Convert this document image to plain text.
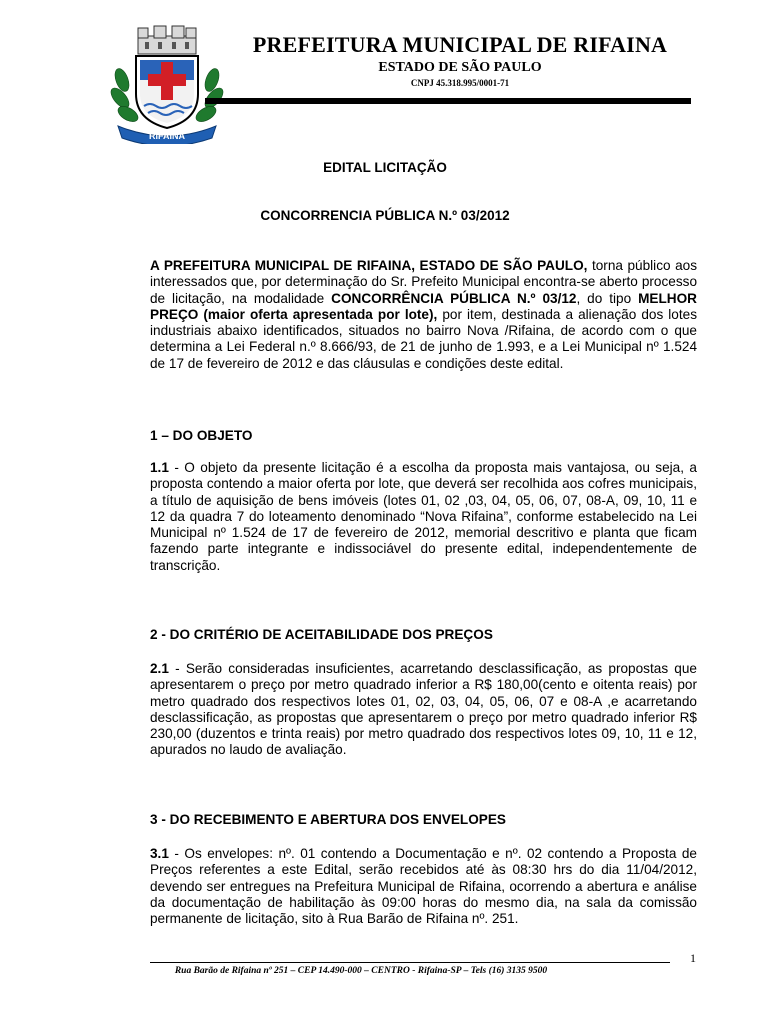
RIFAINA
PREFEITURA MUNICIPAL DE RIFAINA
ESTADO DE SÃO PAULO
CNPJ 45.318.995/0001-71
EDITAL LICITAÇÃO
CONCORRENCIA PÚBLICA N.º 03/2012
A PREFEITURA MUNICIPAL DE RIFAINA, ESTADO DE SÃO PAULO, torna público aos interessados que, por determinação do Sr. Prefeito Municipal encontra-se aberto processo de licitação, na modalidade CONCORRÊNCIA PÚBLICA N.º 03/12, do tipo MELHOR PREÇO (maior oferta apresentada por lote), por item, destinada a alienação dos lotes industriais abaixo identificados, situados no bairro Nova /Rifaina, de acordo com o que determina a Lei Federal n.º 8.666/93, de 21 de junho de 1.993, e a Lei Municipal nº 1.524 de 17 de fevereiro de 2012 e das cláusulas e condições deste edital.
1 – DO OBJETO
1.1 - O objeto da presente licitação é a escolha da proposta mais vantajosa, ou seja, a proposta contendo a maior oferta por lote, que deverá ser recolhida aos cofres municipais, a título de aquisição de bens imóveis (lotes 01, 02 ,03, 04, 05, 06, 07, 08-A, 09, 10, 11 e 12 da quadra 7 do loteamento denominado “Nova Rifaina”, conforme estabelecido na Lei Municipal nº 1.524 de 17 de fevereiro de 2012, memorial descritivo e planta que ficam fazendo parte integrante e indissociável do presente edital, independentemente de transcrição.
2 - DO CRITÉRIO DE ACEITABILIDADE DOS PREÇOS
2.1 - Serão consideradas insuficientes, acarretando desclassificação, as propostas que apresentarem o preço por metro quadrado inferior a R$ 180,00(cento e oitenta reais) por metro quadrado dos respectivos lotes 01, 02, 03, 04, 05, 06, 07 e 08-A ,e acarretando desclassificação, as propostas que apresentarem o preço por metro quadrado inferior R$ 230,00 (duzentos e trinta reais) por metro quadrado dos respectivos lotes 09, 10, 11 e 12, apurados no laudo de avaliação.
3 - DO RECEBIMENTO E ABERTURA DOS ENVELOPES
3.1 - Os envelopes: nº. 01 contendo a Documentação e nº. 02 contendo a Proposta de Preços referentes a este Edital, serão recebidos até às 08:30 hrs do dia 11/04/2012, devendo ser entregues na Prefeitura Municipal de Rifaina, ocorrendo a abertura e análise da documentação de habilitação às 09:00 horas do mesmo dia, na sala da comissão permanente de licitação, sito à Rua Barão de Rifaina nº. 251.
1
Rua Barão de Rifaina nº 251 – CEP 14.490-000 – CENTRO - Rifaina-SP – Tels (16) 3135 9500
